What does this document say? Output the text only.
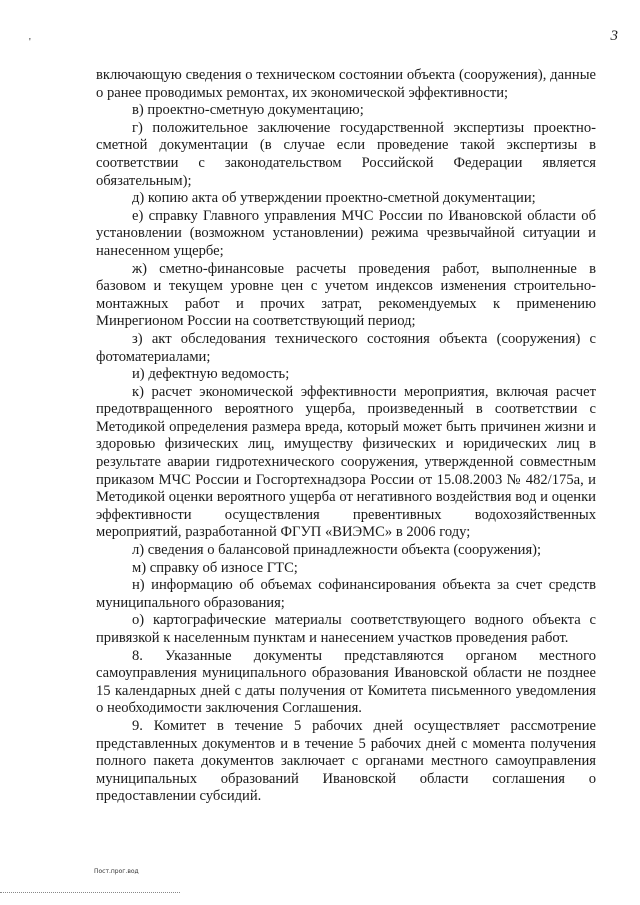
'	3

включающую сведения о техническом состоянии объекта (сооружения), данные о ранее проводимых ремонтах, их экономической эффективности;

в) проектно-сметную документацию;

г) положительное заключение государственной экспертизы проектно-сметной документации (в случае если проведение такой экспертизы в соответствии с законодательством Российской Федерации является обязательным);

д) копию акта об утверждении проектно-сметной документации;

е) справку Главного управления МЧС России по Ивановской области об установлении (возможном установлении) режима чрезвычайной ситуации и нанесенном ущербе;

ж) сметно-финансовые расчеты проведения работ, выполненные в базовом и текущем уровне цен с учетом индексов изменения строительно-монтажных работ и прочих затрат, рекомендуемых к применению Минрегионом России на соответствующий период;

з) акт обследования технического состояния объекта (сооружения) с фотоматериалами;

и) дефектную ведомость;

к) расчет экономической эффективности мероприятия, включая расчет предотвращенного вероятного ущерба, произведенный в соответствии с Методикой определения размера вреда, который может быть причинен жизни и здоровью физических лиц, имуществу физических и юридических лиц в результате аварии гидротехнического сооружения, утвержденной совместным приказом МЧС России и Госгортехнадзора России от 15.08.2003 № 482/175а, и Методикой оценки вероятного ущерба от негативного воздействия вод и оценки эффективности осуществления превентивных водохозяйственных мероприятий, разработанной ФГУП «ВИЭМС» в 2006 году;

л) сведения о балансовой принадлежности объекта (сооружения);

м) справку об износе ГТС;

н) информацию об объемах софинансирования объекта за счет средств муниципального образования;

о) картографические материалы соответствующего водного объекта с привязкой к населенным пунктам и нанесением участков проведения работ.

8. Указанные документы представляются органом местного самоуправления муниципального образования Ивановской области не позднее 15 календарных дней с даты получения от Комитета письменного уведомления о необходимости заключения Соглашения.

9. Комитет в течение 5 рабочих дней осуществляет рассмотрение представленных документов и в течение 5 рабочих дней с момента получения полного пакета документов заключает с органами местного самоуправления муниципальных образований Ивановской области соглашения о предоставлении субсидий.

Пост.прог.вод
